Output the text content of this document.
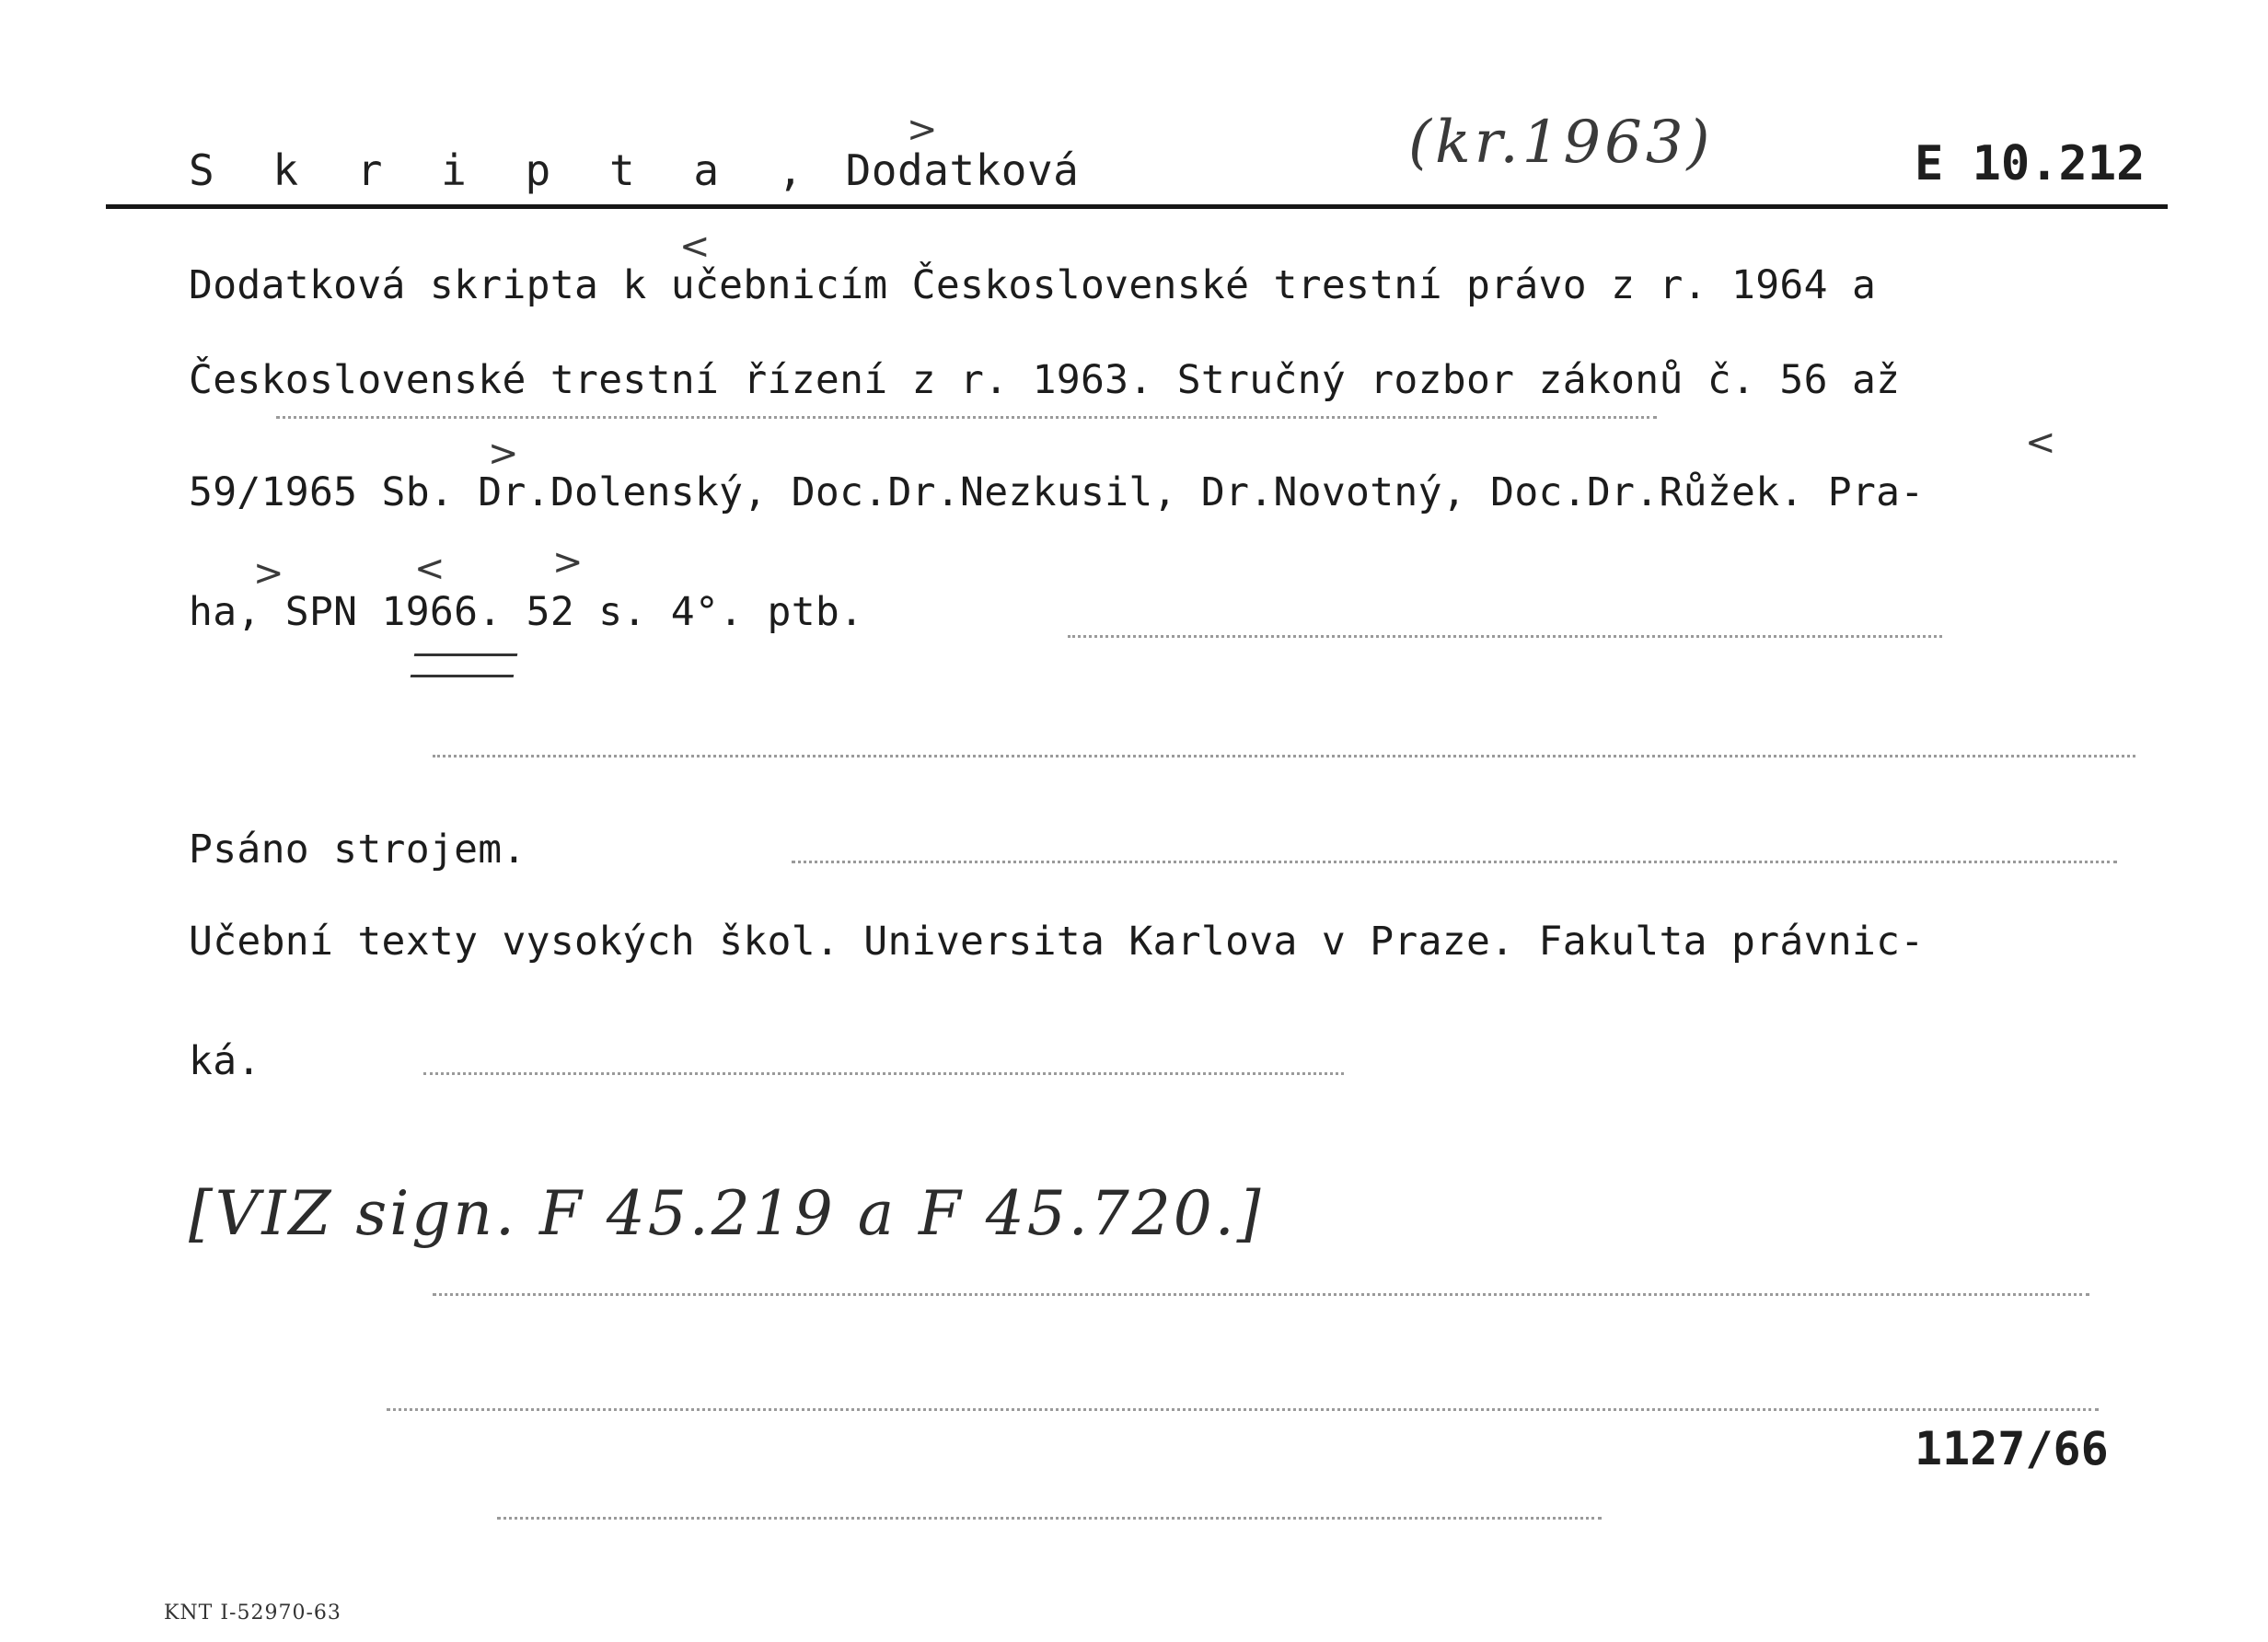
S k r i p t a , Dodatková
>	(kr.1963)	E 10.212
Dodatková skripta k učebnicím Československé trestní právo z r. 1964 a
<
Československé trestní řízení z r. 1963. Stručný rozbor zákonů č. 56 až
59/1965 Sb. Dr.Dolenský, Doc.Dr.Nezkusil, Dr.Novotný, Doc.Dr.Růžek. Pra-
>	<
ha, SPN 1966. 52 s. 4°. ptb.
>	<	>
Psáno strojem.
Učební texty vysokých škol. Universita Karlova v Praze. Fakulta právnic-
ká.
[VIZ sign. F 45.219 a F 45.720.]
1127/66
KNT I-52970-63
